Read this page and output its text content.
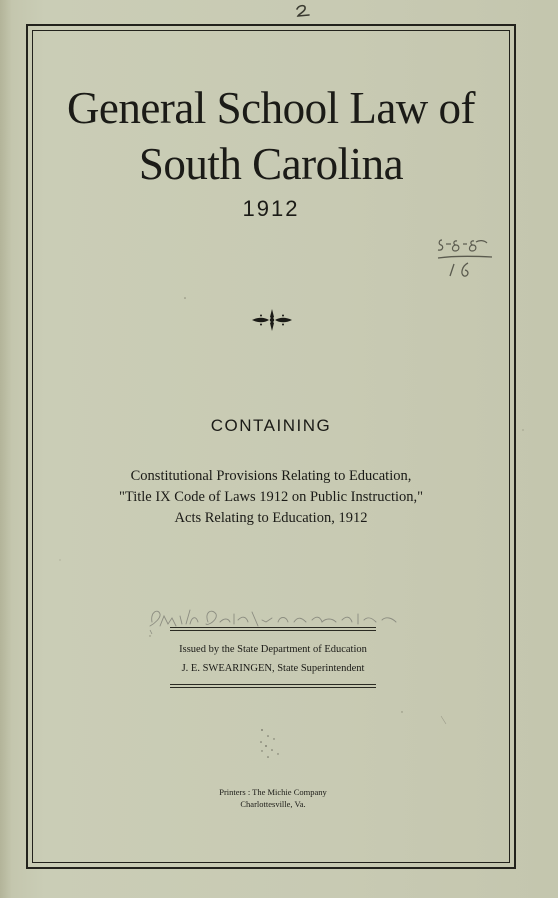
General School Law of
South Carolina
1912
CONTAINING
Constitutional Provisions Relating to Education,
"Title IX Code of Laws 1912 on Public Instruction,"
Acts Relating to Education, 1912
Issued by the State Department of Education
J. E. SWEARINGEN, State Superintendent
Printers : The Michie Company
Charlottesville, Va.
